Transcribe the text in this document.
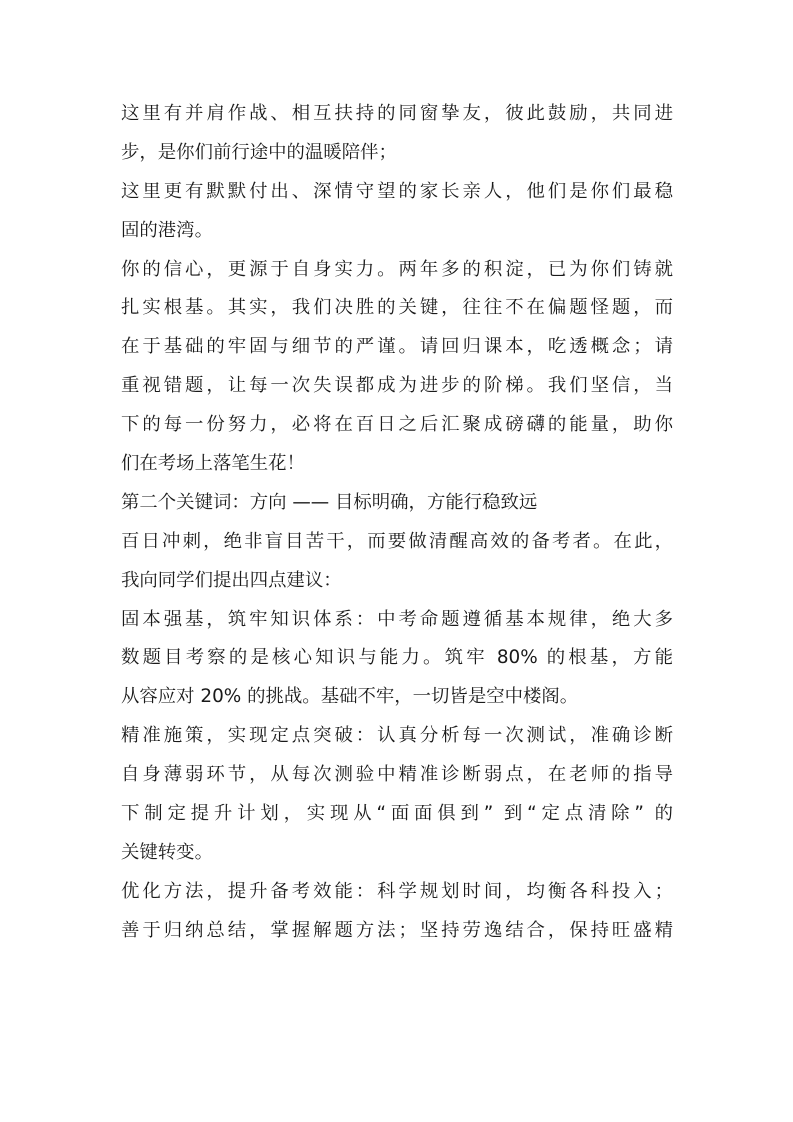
这里有并肩作战、相互扶持的同窗挚友，彼此鼓励，共同进
步，是你们前行途中的温暖陪伴；
这里更有默默付出、深情守望的家长亲人，他们是你们最稳
固的港湾。
你的信心，更源于自身实力。两年多的积淀，已为你们铸就
扎实根基。其实，我们决胜的关键，往往不在偏题怪题，而
在于基础的牢固与细节的严谨。请回归课本，吃透概念；请
重视错题，让每一次失误都成为进步的阶梯。我们坚信，当
下的每一份努力，必将在百日之后汇聚成磅礴的能量，助你
们在考场上落笔生花！
第二个关键词：方向 —— 目标明确，方能行稳致远
百日冲刺，绝非盲目苦干，而要做清醒高效的备考者。在此，
我向同学们提出四点建议：
固本强基，筑牢知识体系：中考命题遵循基本规律，绝大多
数题目考察的是核心知识与能力。筑牢 80% 的根基，方能
从容应对 20% 的挑战。基础不牢，一切皆是空中楼阁。
精准施策，实现定点突破：认真分析每一次测试，准确诊断
自身薄弱环节，从每次测验中精准诊断弱点，在老师的指导
下制定提升计划，实现从“面面俱到” 到“定点清除” 的
关键转变。
优化方法，提升备考效能：科学规划时间，均衡各科投入；
善于归纳总结，掌握解题方法；坚持劳逸结合，保持旺盛精
